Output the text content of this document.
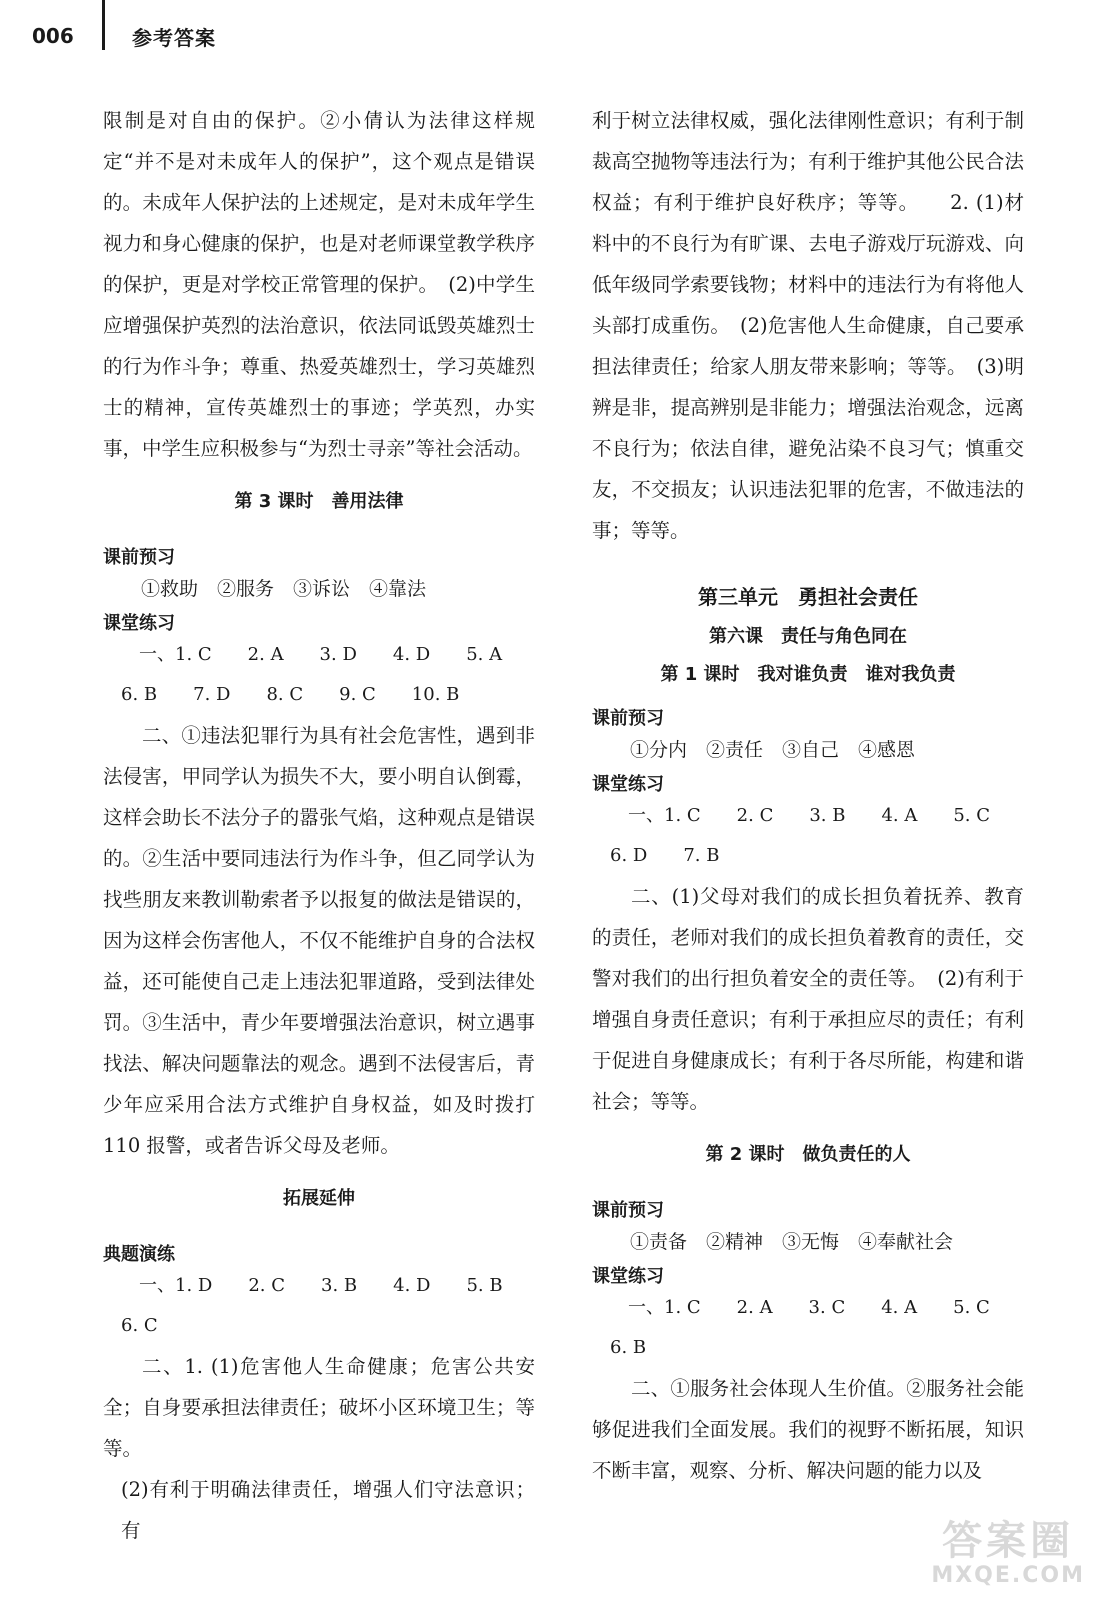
006	参考答案

限制是对自由的保护。②小倩认为法律这样规定“并不是对未成年人的保护”，这个观点是错误的。未成年人保护法的上述规定，是对未成年学生视力和身心健康的保护，也是对老师课堂教学秩序的保护，更是对学校正常管理的保护。　(2)中学生应增强保护英烈的法治意识，依法同诋毁英雄烈士的行为作斗争；尊重、热爱英雄烈士，学习英雄烈士的精神，宣传英雄烈士的事迹；学英烈，办实事，中学生应积极参与“为烈士寻亲”等社会活动。

第 3 课时　善用法律

课前预习

①救助　②服务　③诉讼　④靠法

课堂练习

一、1. C　　2. A　　3. D　　4. D　　5. A

6. B　　7. D　　8. C　　9. C　　10. B

二、①违法犯罪行为具有社会危害性，遇到非法侵害，甲同学认为损失不大，要小明自认倒霉，这样会助长不法分子的嚣张气焰，这种观点是错误的。②生活中要同违法行为作斗争，但乙同学认为找些朋友来教训勒索者予以报复的做法是错误的，因为这样会伤害他人，不仅不能维护自身的合法权益，还可能使自己走上违法犯罪道路，受到法律处罚。③生活中，青少年要增强法治意识，树立遇事找法、解决问题靠法的观念。遇到不法侵害后，青少年应采用合法方式维护自身权益，如及时拨打 110 报警，或者告诉父母及老师。

拓展延伸

典题演练

一、1. D　　2. C　　3. B　　4. D　　5. B

6. C

二、1. (1)危害他人生命健康；危害公共安全；自身要承担法律责任；破坏小区环境卫生；等等。

(2)有利于明确法律责任，增强人们守法意识；有

利于树立法律权威，强化法律刚性意识；有利于制裁高空抛物等违法行为；有利于维护其他公民合法权益；有利于维护良好秩序；等等。　　2. (1)材料中的不良行为有旷课、去电子游戏厅玩游戏、向低年级同学索要钱物；材料中的违法行为有将他人头部打成重伤。　(2)危害他人生命健康，自己要承担法律责任；给家人朋友带来影响；等等。　(3)明辨是非，提高辨别是非能力；增强法治观念，远离不良行为；依法自律，避免沾染不良习气；慎重交友，不交损友；认识违法犯罪的危害，不做违法的事；等等。

第三单元　勇担社会责任

第六课　责任与角色同在

第 1 课时　我对谁负责　谁对我负责

课前预习

①分内　②责任　③自己　④感恩

课堂练习

一、1. C　　2. C　　3. B　　4. A　　5. C

6. D　　7. B

二、(1)父母对我们的成长担负着抚养、教育的责任，老师对我们的成长担负着教育的责任，交警对我们的出行担负着安全的责任等。　(2)有利于增强自身责任意识；有利于承担应尽的责任；有利于促进自身健康成长；有利于各尽所能，构建和谐社会；等等。

第 2 课时　做负责任的人

课前预习

①责备　②精神　③无悔　④奉献社会

课堂练习

一、1. C　　2. A　　3. C　　4. A　　5. C

6. B

二、①服务社会体现人生价值。②服务社会能够促进我们全面发展。我们的视野不断拓展，知识不断丰富，观察、分析、解决问题的能力以及

答案圈
MXQE.COM
